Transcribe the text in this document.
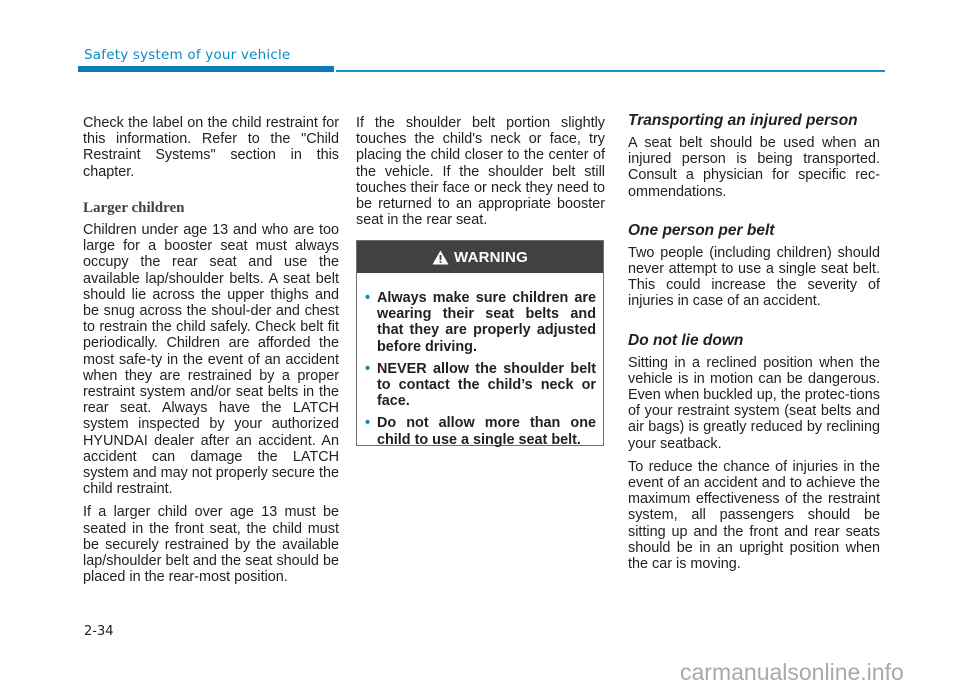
Safety system of your vehicle

Check the label on the child restraint for this information. Refer to the "Child Restraint Systems" section in this chapter.

Larger children

Children under age 13 and who are too large for a booster seat must always occupy the rear seat and use the available lap/shoulder belts. A seat belt should lie across the upper thighs and be snug across the shoul-der and chest to restrain the child safely. Check belt fit periodically. Children are afforded the most safe-ty in the event of an accident when they are restrained by a proper restraint system and/or seat belts in the rear seat. Always have the LATCH system inspected by your authorized HYUNDAI dealer after an accident. An accident can damage the LATCH system and may not properly secure the child restraint.

If a larger child over age 13 must be seated in the front seat, the child must be securely restrained by the available lap/shoulder belt and the seat should be placed in the rear-most position.

If the shoulder belt portion slightly touches the child's neck or face, try placing the child closer to the center of the vehicle. If the shoulder belt still touches their face or neck they need to be returned to an appropriate booster seat in the rear seat.

WARNING
• Always make sure children are wearing their seat belts and that they are properly adjusted before driving.
• NEVER allow the shoulder belt to contact the child’s neck or face.
• Do not allow more than one child to use a single seat belt.
Transporting an injured person

A seat belt should be used when an injured person is being transported. Consult a physician for specific rec-ommendations.

One person per belt

Two people (including children) should never attempt to use a single seat belt. This could increase the severity of injuries in case of an accident.

Do not lie down

Sitting in a reclined position when the vehicle is in motion can be dangerous. Even when buckled up, the protec-tions of your restraint system (seat belts and air bags) is greatly reduced by reclining your seatback.

To reduce the chance of injuries in the event of an accident and to achieve the maximum effectiveness of the restraint system, all passengers should be sitting up and the front and rear seats should be in an upright position when the car is moving.

2-34
carmanualsonline.info
